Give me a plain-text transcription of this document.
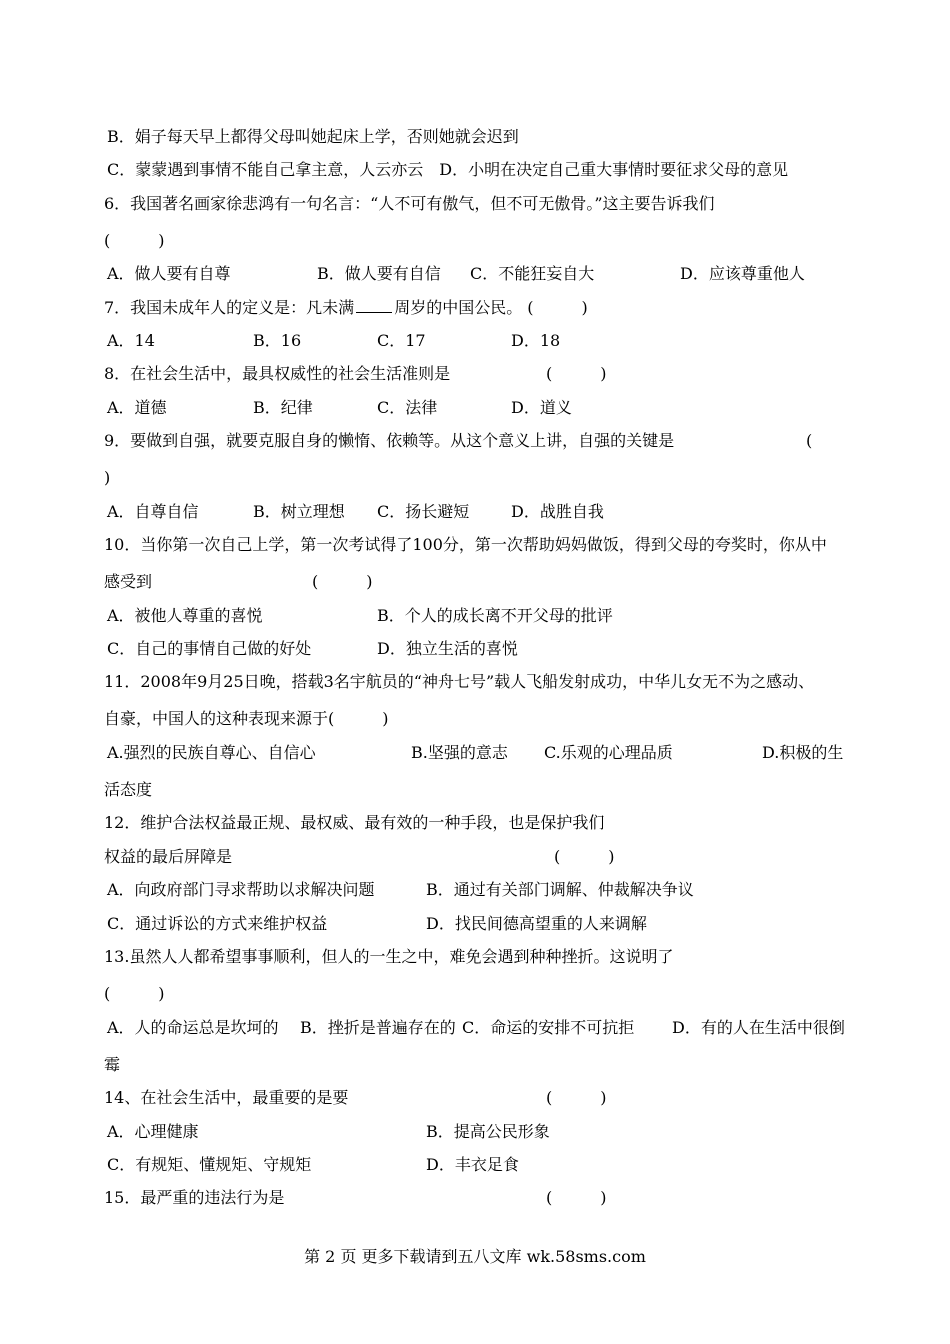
B．娟子每天早上都得父母叫她起床上学，否则她就会迟到
C．蒙蒙遇到事情不能自己拿主意，人云亦云　D．小明在决定自己重大事情时要征求父母的意见
6．我国著名画家徐悲鸿有一句名言：“人不可有傲气，但不可无傲骨。”这主要告诉我们
(　　　)
A．做人要有自尊	B．做人要有自信 C．不能狂妄自大	D．应该尊重他人
7．我国未成年人的定义是：凡未满	周岁的中国公民。 (　　　)
A．14	B．16	C．17	D．18
8．在社会生活中，最具权威性的社会生活准则是	(　　　)
A．道德	B．纪律	C．法律	D．道义
9．要做到自强，就要克服自身的懒惰、依赖等。从这个意义上讲，自强的关键是	(
)
A．自尊自信	B．树立理想 C．扬长避短	D．战胜自我
10．当你第一次自己上学，第一次考试得了100分，第一次帮助妈妈做饭，得到父母的夸奖时，你从中
感受到	(　　　)
A．被他人尊重的喜悦	B．个人的成长离不开父母的批评
C．自己的事情自己做的好处	D．独立生活的喜悦
11．2008年9月25日晚，搭载3名宇航员的“神舟七号”载人飞船发射成功，中华儿女无不为之感动、
自豪，中国人的这种表现来源于(　　　)
A.强烈的民族自尊心、自信心	B.坚强的意志 C.乐观的心理品质	D.积极的生
活态度
12．维护合法权益最正规、最权威、最有效的一种手段，也是保护我们
权益的最后屏障是	(　　　)
A．向政府部门寻求帮助以求解决问题	B．通过有关部门调解、仲裁解决争议
C．通过诉讼的方式来维护权益	D．找民间德高望重的人来调解
13.虽然人人都希望事事顺利，但人的一生之中，难免会遇到种种挫折。这说明了
(　　　)
A．人的命运总是坎坷的 B．挫折是普遍存在的 C．命运的安排不可抗拒 D．有的人在生活中很倒
霉
14、在社会生活中，最重要的是要	(　　　)
A．心理健康	B．提高公民形象
C．有规矩、懂规矩、守规矩	D．丰衣足食
15．最严重的违法行为是	(　　　)
第 2 页 更多下载请到五八文库 wk.58sms.com
